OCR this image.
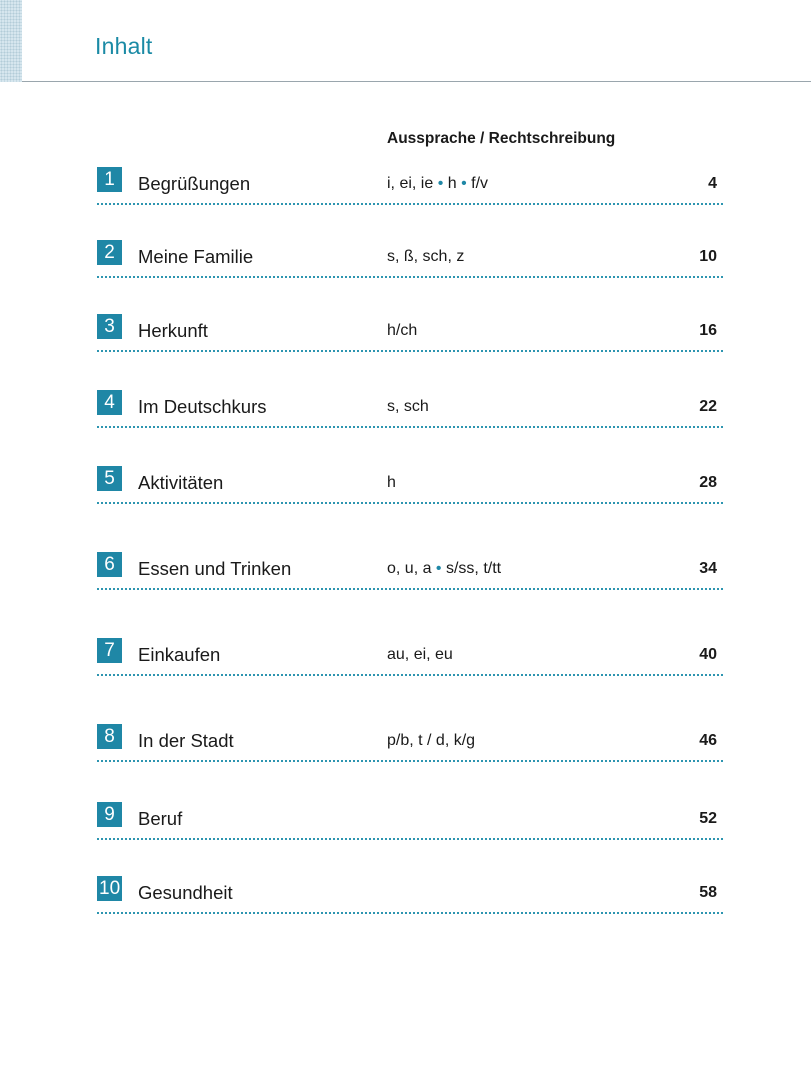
Inhalt
Aussprache / Rechtschreibung
1	Begrüßungen	i, ei, ie • h • f/v	4
2	Meine Familie	s, ß, sch, z	10
3	Herkunft	h/ch	16
4	Im Deutschkurs	s, sch	22
5	Aktivitäten	h	28
6	Essen und Trinken	o, u, a • s/ss, t/tt	34
7	Einkaufen	au, ei, eu	40
8	In der Stadt	p/b, t / d, k/g	46
9	Beruf	52
10 Gesundheit	58
